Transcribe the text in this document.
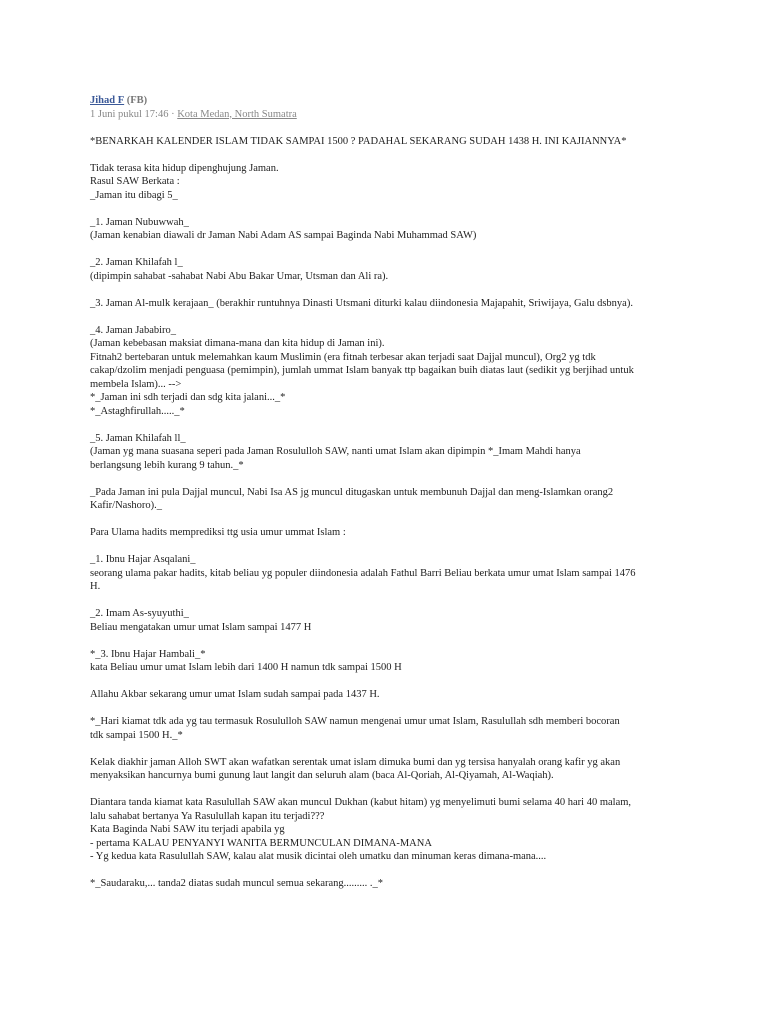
Jihad F (FB)
1 Juni pukul 17:46 · Kota Medan, North Sumatra
*BENARKAH KALENDER ISLAM TIDAK SAMPAI 1500 ? PADAHAL SEKARANG SUDAH 1438 H. INI KAJIANNYA*
Tidak terasa kita hidup dipenghujung Jaman.
Rasul SAW Berkata :
_Jaman itu dibagi 5_
_1. Jaman Nubuwwah_
(Jaman kenabian diawali dr Jaman Nabi Adam AS sampai Baginda Nabi Muhammad SAW)
_2. Jaman Khilafah l_
(dipimpin sahabat -sahabat Nabi Abu Bakar Umar, Utsman dan Ali ra).
_3. Jaman Al-mulk kerajaan_ (berakhir runtuhnya Dinasti Utsmani diturki kalau diindonesia Majapahit, Sriwijaya, Galu dsbnya).
_4. Jaman Jababiro_
(Jaman kebebasan maksiat dimana-mana dan kita hidup di Jaman ini).
Fitnah2 bertebaran untuk melemahkan kaum Muslimin (era fitnah terbesar akan terjadi saat Dajjal muncul), Org2 yg tdk
cakap/dzolim menjadi penguasa (pemimpin), jumlah ummat Islam banyak ttp bagaikan buih diatas laut (sedikit yg berjihad untuk
membela Islam)... -->
*_Jaman ini sdh terjadi dan sdg kita jalani..._*
*_Astaghfirullah....._*
_5. Jaman Khilafah ll_
(Jaman yg mana suasana seperi pada Jaman Rosululloh SAW, nanti umat Islam akan dipimpin *_Imam Mahdi hanya
berlangsung lebih kurang 9 tahun._*
_Pada Jaman ini pula Dajjal muncul, Nabi Isa AS jg muncul ditugaskan untuk membunuh Dajjal dan meng-Islamkan orang2
Kafir/Nashoro)._
Para Ulama hadits memprediksi ttg usia umur ummat Islam :
_1. Ibnu Hajar Asqalani_
seorang ulama pakar hadits, kitab beliau yg populer diindonesia adalah Fathul Barri Beliau berkata umur umat Islam sampai 1476
H.
_2. Imam As-syuyuthi_
Beliau mengatakan umur umat Islam sampai 1477 H
*_3. Ibnu Hajar Hambali_*
kata Beliau umur umat Islam lebih dari 1400 H namun tdk sampai 1500 H
Allahu Akbar sekarang umur umat Islam sudah sampai pada 1437 H.
*_Hari kiamat tdk ada yg tau termasuk Rosululloh SAW namun mengenai umur umat Islam, Rasulullah sdh memberi bocoran
tdk sampai 1500 H._*
Kelak diakhir jaman Alloh SWT akan wafatkan serentak umat islam dimuka bumi dan yg tersisa hanyalah orang kafir yg akan
menyaksikan hancurnya bumi gunung laut langit dan seluruh alam (baca Al-Qoriah, Al-Qiyamah, Al-Waqiah).
Diantara tanda kiamat kata Rasulullah SAW akan muncul Dukhan (kabut hitam) yg menyelimuti bumi selama 40 hari 40 malam,
lalu sahabat bertanya Ya Rasulullah kapan itu terjadi???
Kata Baginda Nabi SAW itu terjadi apabila yg
- pertama KALAU PENYANYI WANITA BERMUNCULAN DIMANA-MANA
- Yg kedua kata Rasulullah SAW, kalau alat musik dicintai oleh umatku dan minuman keras dimana-mana....
*_Saudaraku,... tanda2 diatas sudah muncul semua sekarang......... ._*
